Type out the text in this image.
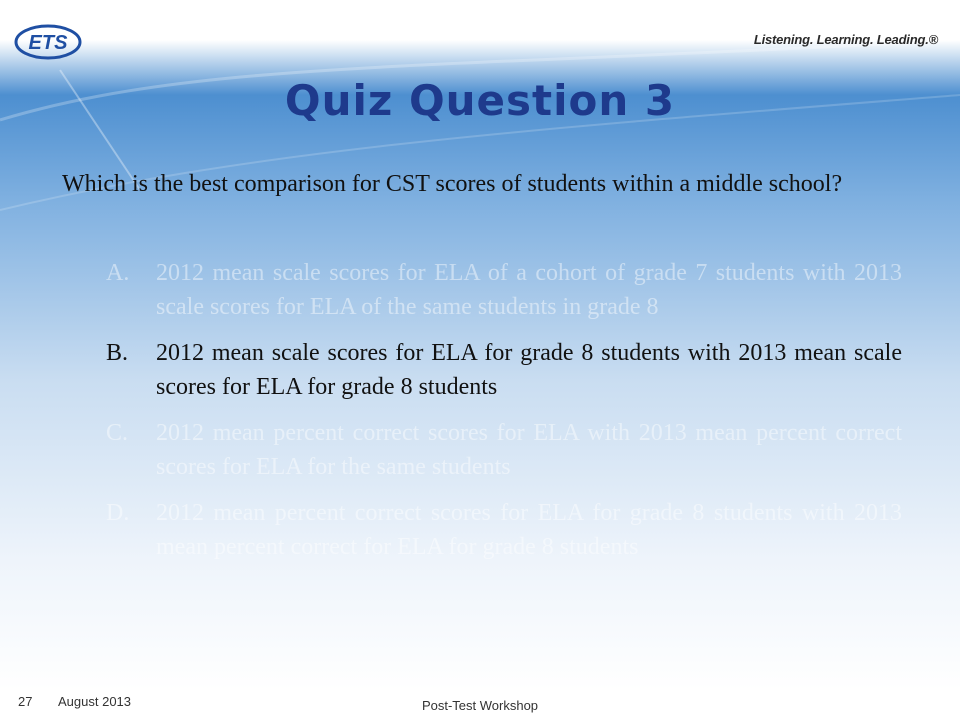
ETS	Listening. Learning. Leading.®
Quiz Question 3
Which is the best comparison for CST scores of students within a middle school?
A. 2012 mean scale scores for ELA of a cohort of grade 7 students with 2013 scale scores for ELA of the same students in grade 8
B. 2012 mean scale scores for ELA for grade 8 students with 2013 mean scale scores for ELA for grade 8 students
C. 2012 mean percent correct scores for ELA with 2013 mean percent correct scores for ELA for the same students
D. 2012 mean percent correct scores for ELA for grade 8 students with 2013 mean percent correct for ELA for grade 8 students
27 August 2013	Post-Test Workshop
